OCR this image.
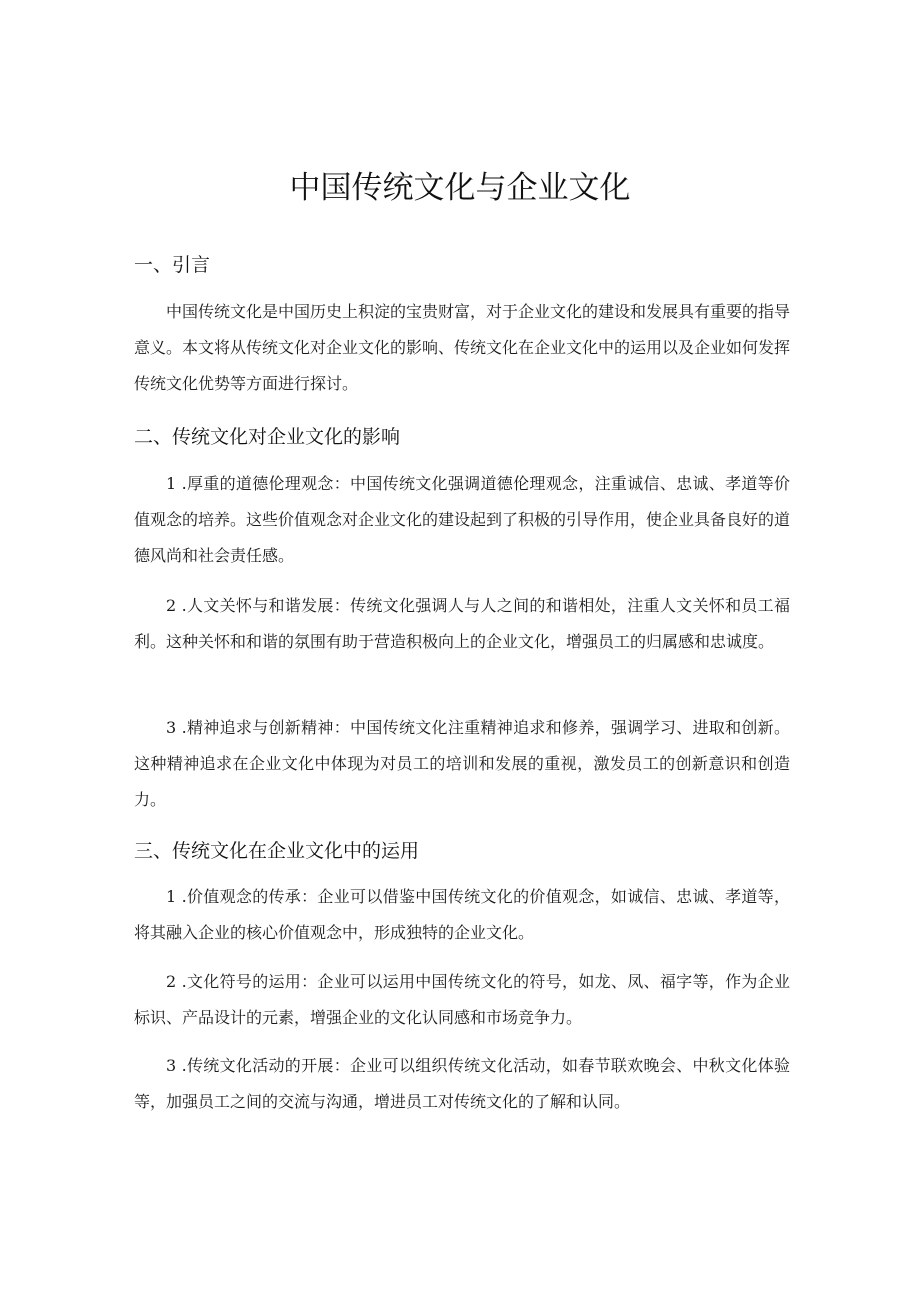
中国传统文化与企业文化
一、引言

中国传统文化是中国历史上积淀的宝贵财富，对于企业文化的建设和发展具有重要的指导意义。本文将从传统文化对企业文化的影响、传统文化在企业文化中的运用以及企业如何发挥传统文化优势等方面进行探讨。

二、传统文化对企业文化的影响

1 .厚重的道德伦理观念：中国传统文化强调道德伦理观念，注重诚信、忠诚、孝道等价值观念的培养。这些价值观念对企业文化的建设起到了积极的引导作用，使企业具备良好的道德风尚和社会责任感。

2 .人文关怀与和谐发展：传统文化强调人与人之间的和谐相处，注重人文关怀和员工福利。这种关怀和和谐的氛围有助于营造积极向上的企业文化，增强员工的归属感和忠诚度。

3 .精神追求与创新精神：中国传统文化注重精神追求和修养，强调学习、进取和创新。这种精神追求在企业文化中体现为对员工的培训和发展的重视，激发员工的创新意识和创造力。

三、传统文化在企业文化中的运用

1 .价值观念的传承：企业可以借鉴中国传统文化的价值观念，如诚信、忠诚、孝道等，将其融入企业的核心价值观念中，形成独特的企业文化。

2 .文化符号的运用：企业可以运用中国传统文化的符号，如龙、凤、福字等，作为企业标识、产品设计的元素，增强企业的文化认同感和市场竞争力。

3 .传统文化活动的开展：企业可以组织传统文化活动，如春节联欢晚会、中秋文化体验等，加强员工之间的交流与沟通，增进员工对传统文化的了解和认同。
